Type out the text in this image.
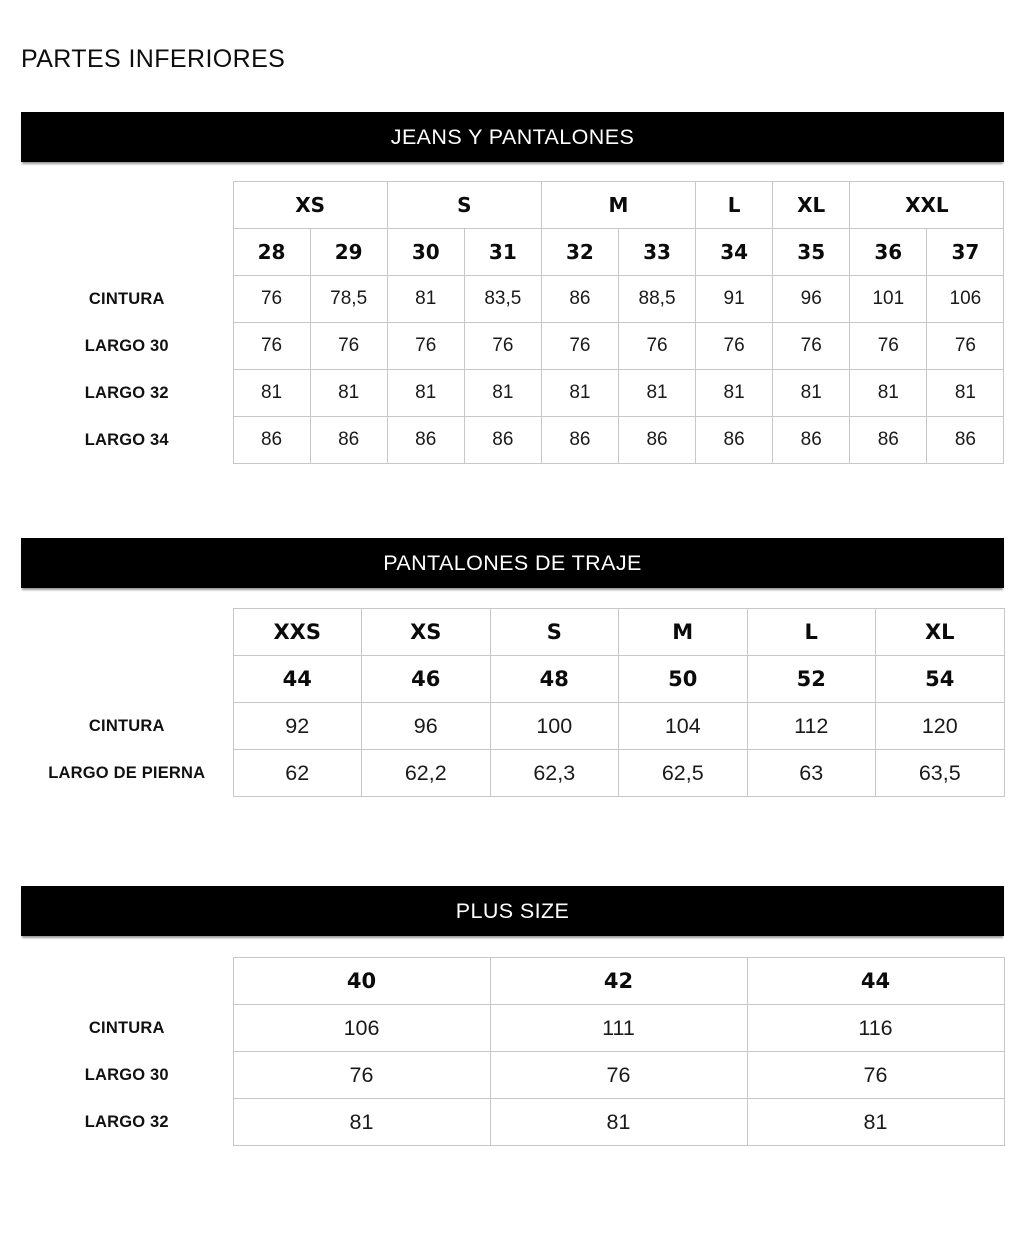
PARTES INFERIORES
JEANS Y PANTALONES
	XS		S		M		L	XL	XXL	
	28	29	30	31	32	33	34	35	36	37
CINTURA	76	78,5	81	83,5	86	88,5	91	96	101	106
LARGO 30	76	76	76	76	76	76	76	76	76	76
LARGO 32	81	81	81	81	81	81	81	81	81	81
LARGO 34	86	86	86	86	86	86	86	86	86	86
PANTALONES DE TRAJE
	XXS	XS	S	M	L	XL
	44	46	48	50	52	54
CINTURA	92	96	100	104	112	120
LARGO DE PIERNA	62	62,2	62,3	62,5	63	63,5
PLUS SIZE
	40	42	44
CINTURA	106	111	116
LARGO 30	76	76	76
LARGO 32	81	81	81
